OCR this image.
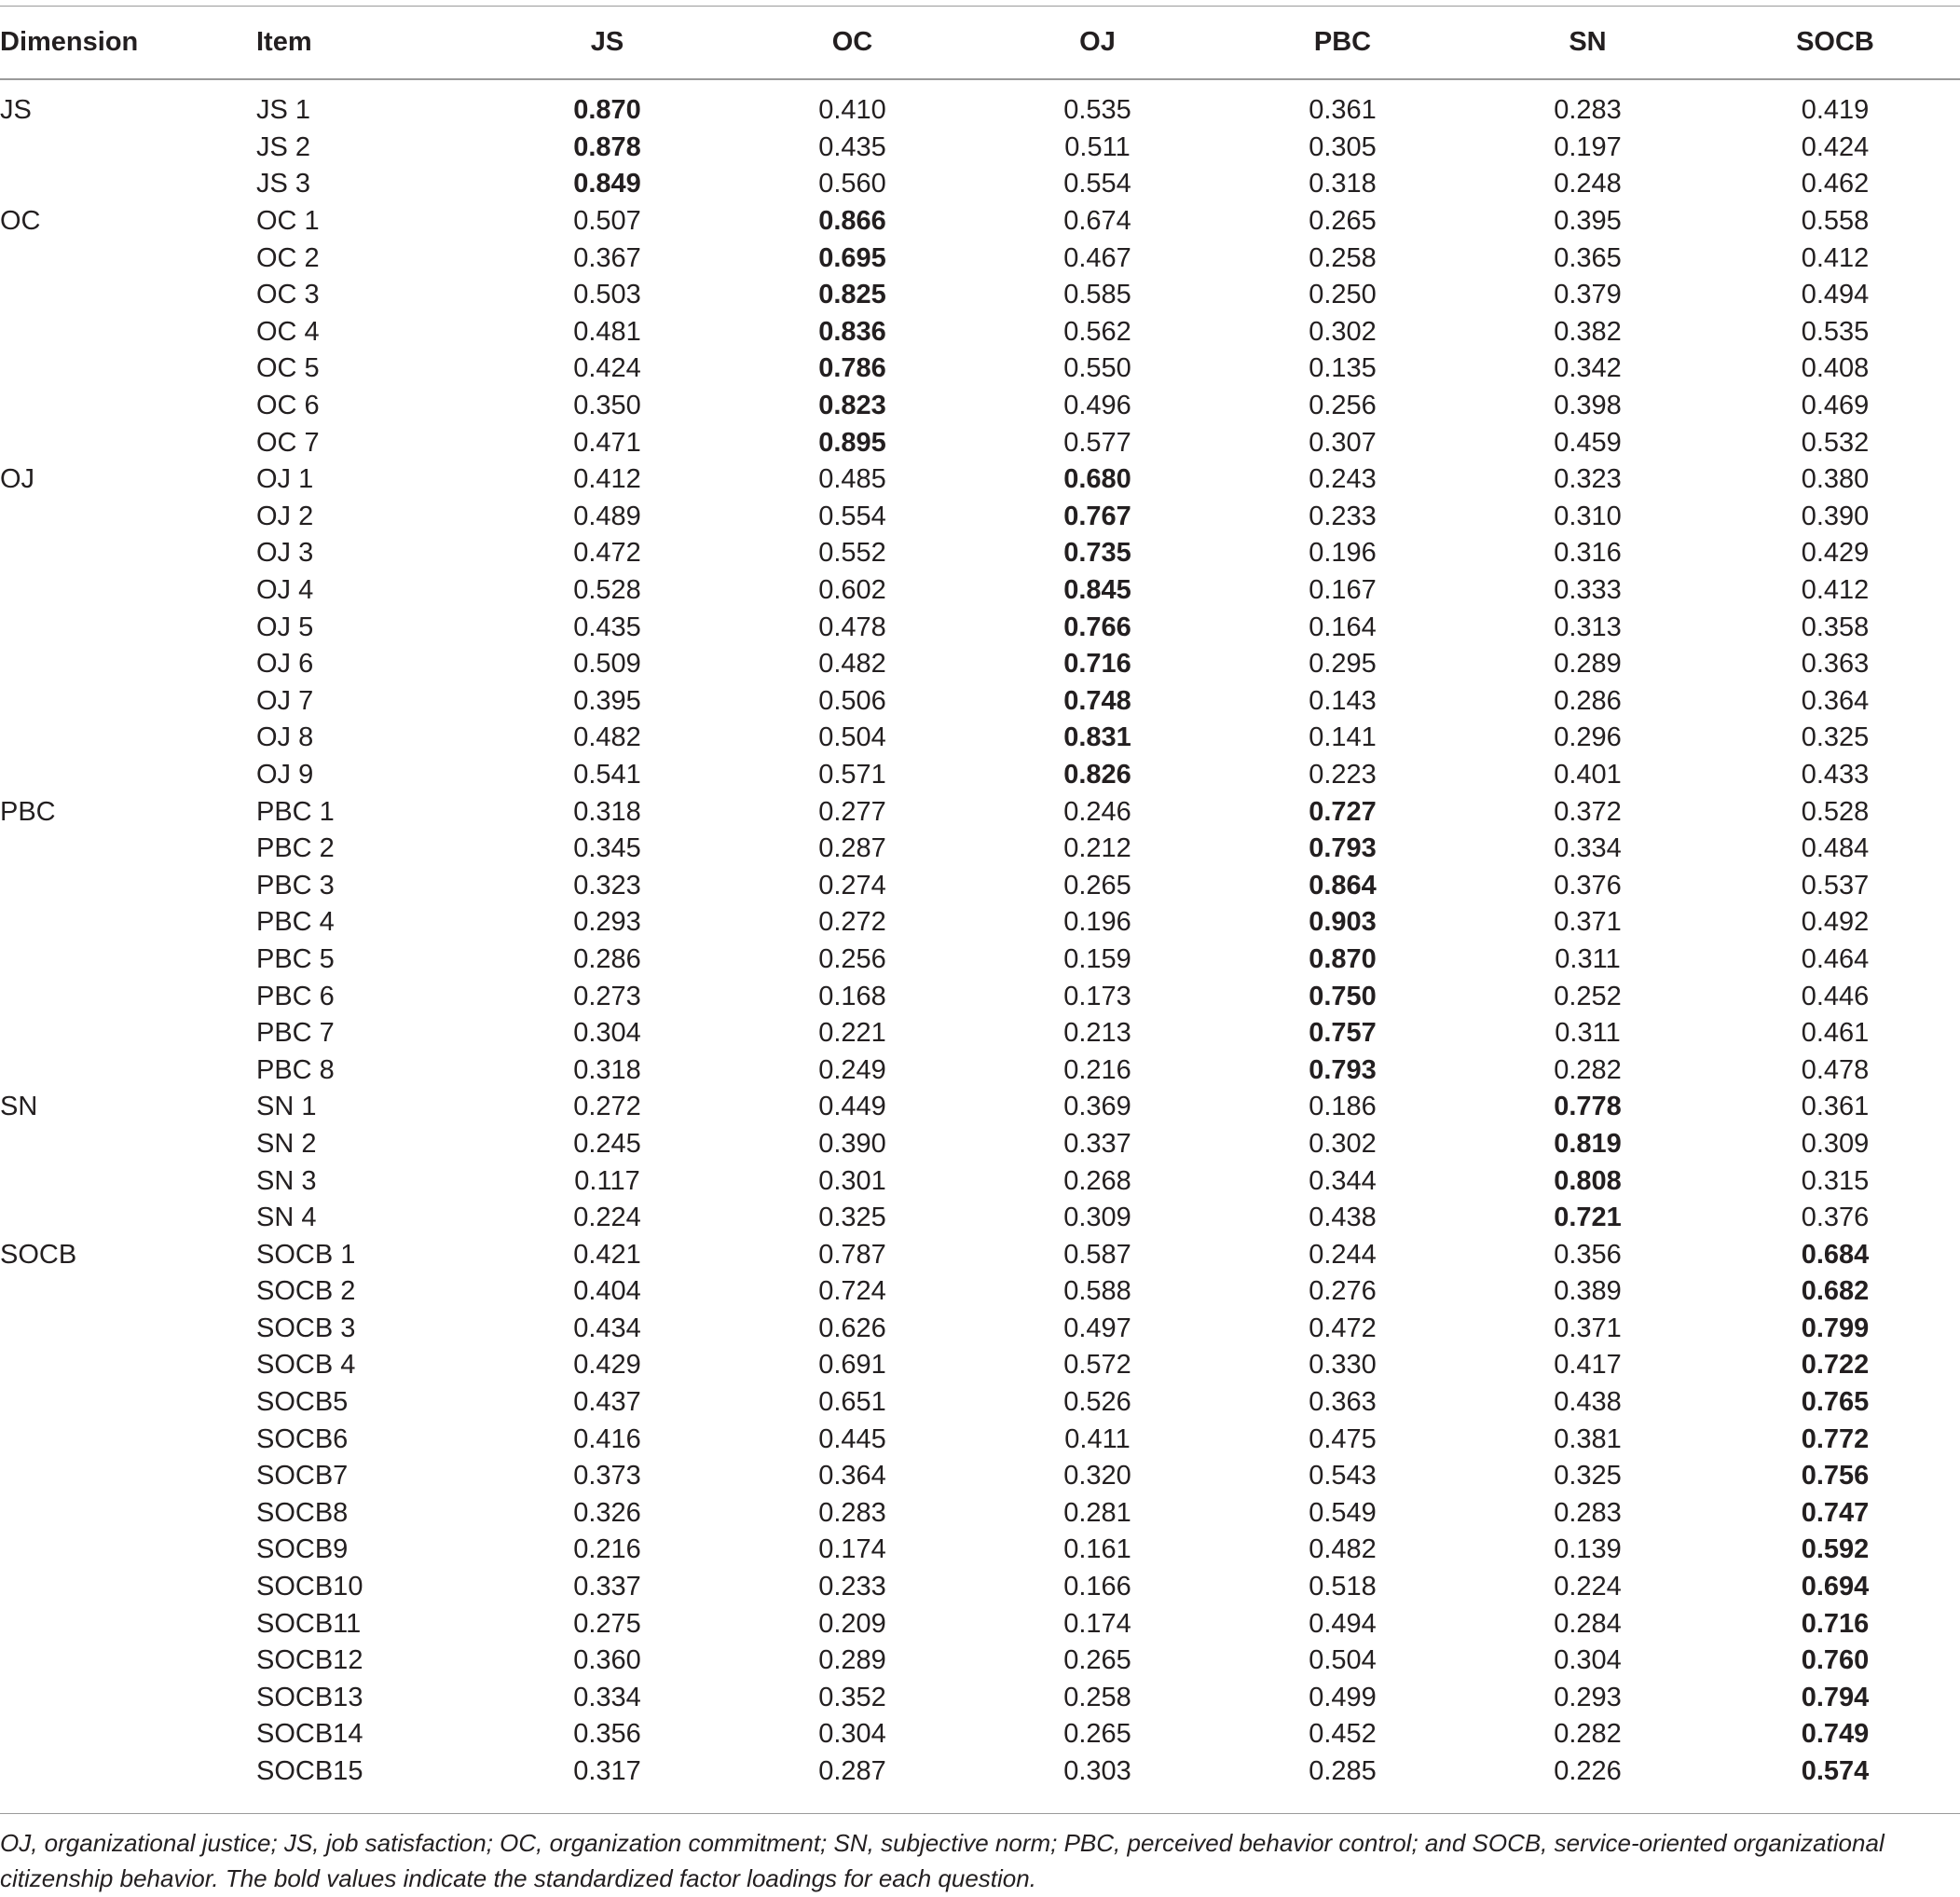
Dimension	Item	JS	OC	OJ	PBC	SN	SOCB
JS	JS 1	0.870	0.410	0.535	0.361	0.283	0.419
	JS 2	0.878	0.435	0.511	0.305	0.197	0.424
	JS 3	0.849	0.560	0.554	0.318	0.248	0.462
OC	OC 1	0.507	0.866	0.674	0.265	0.395	0.558
	OC 2	0.367	0.695	0.467	0.258	0.365	0.412
	OC 3	0.503	0.825	0.585	0.250	0.379	0.494
	OC 4	0.481	0.836	0.562	0.302	0.382	0.535
	OC 5	0.424	0.786	0.550	0.135	0.342	0.408
	OC 6	0.350	0.823	0.496	0.256	0.398	0.469
	OC 7	0.471	0.895	0.577	0.307	0.459	0.532
OJ	OJ 1	0.412	0.485	0.680	0.243	0.323	0.380
	OJ 2	0.489	0.554	0.767	0.233	0.310	0.390
	OJ 3	0.472	0.552	0.735	0.196	0.316	0.429
	OJ 4	0.528	0.602	0.845	0.167	0.333	0.412
	OJ 5	0.435	0.478	0.766	0.164	0.313	0.358
	OJ 6	0.509	0.482	0.716	0.295	0.289	0.363
	OJ 7	0.395	0.506	0.748	0.143	0.286	0.364
	OJ 8	0.482	0.504	0.831	0.141	0.296	0.325
	OJ 9	0.541	0.571	0.826	0.223	0.401	0.433
PBC	PBC 1	0.318	0.277	0.246	0.727	0.372	0.528
	PBC 2	0.345	0.287	0.212	0.793	0.334	0.484
	PBC 3	0.323	0.274	0.265	0.864	0.376	0.537
	PBC 4	0.293	0.272	0.196	0.903	0.371	0.492
	PBC 5	0.286	0.256	0.159	0.870	0.311	0.464
	PBC 6	0.273	0.168	0.173	0.750	0.252	0.446
	PBC 7	0.304	0.221	0.213	0.757	0.311	0.461
	PBC 8	0.318	0.249	0.216	0.793	0.282	0.478
SN	SN 1	0.272	0.449	0.369	0.186	0.778	0.361
	SN 2	0.245	0.390	0.337	0.302	0.819	0.309
	SN 3	0.117	0.301	0.268	0.344	0.808	0.315
	SN 4	0.224	0.325	0.309	0.438	0.721	0.376
SOCB	SOCB 1	0.421	0.787	0.587	0.244	0.356	0.684
	SOCB 2	0.404	0.724	0.588	0.276	0.389	0.682
	SOCB 3	0.434	0.626	0.497	0.472	0.371	0.799
	SOCB 4	0.429	0.691	0.572	0.330	0.417	0.722
	SOCB5	0.437	0.651	0.526	0.363	0.438	0.765
	SOCB6	0.416	0.445	0.411	0.475	0.381	0.772
	SOCB7	0.373	0.364	0.320	0.543	0.325	0.756
	SOCB8	0.326	0.283	0.281	0.549	0.283	0.747
	SOCB9	0.216	0.174	0.161	0.482	0.139	0.592
	SOCB10	0.337	0.233	0.166	0.518	0.224	0.694
	SOCB11	0.275	0.209	0.174	0.494	0.284	0.716
	SOCB12	0.360	0.289	0.265	0.504	0.304	0.760
	SOCB13	0.334	0.352	0.258	0.499	0.293	0.794
	SOCB14	0.356	0.304	0.265	0.452	0.282	0.749
	SOCB15	0.317	0.287	0.303	0.285	0.226	0.574
OJ, organizational justice; JS, job satisfaction; OC, organization commitment; SN, subjective norm; PBC, perceived behavior control; and SOCB, service-oriented organizational citizenship behavior. The bold values indicate the standardized factor loadings for each question.
